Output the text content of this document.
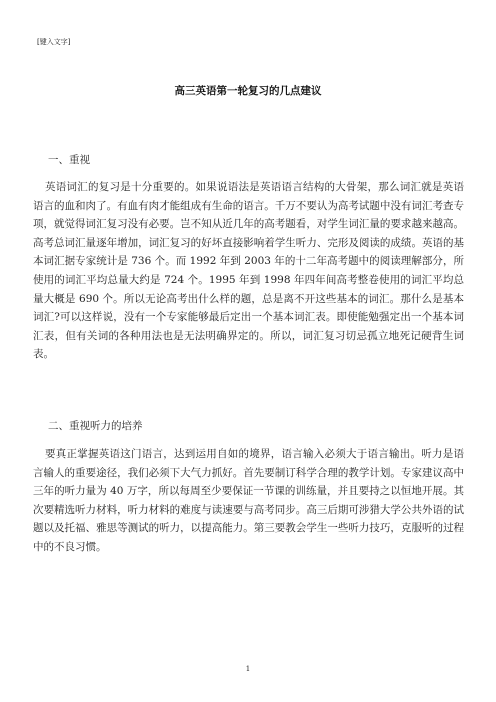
[键入文字]
高三英语第一轮复习的几点建议
一、重视

英语词汇的复习是十分重要的。如果说语法是英语语言结构的大骨架，那么词汇就是英语语言的血和肉了。有血有肉才能组成有生命的语言。千万不要认为高考试题中没有词汇考查专项，就觉得词汇复习没有必要。岂不知从近几年的高考题看，对学生词汇量的要求越来越高。高考总词汇量逐年增加，词汇复习的好坏直接影响着学生听力、完形及阅读的成绩。英语的基本词汇据专家统计是 736 个。而 1992 年到 2003 年的十二年高考题中的阅读理解部分，所使用的词汇平均总量大约是 724 个。1995 年到 1998 年四年间高考整卷使用的词汇平均总量大概是 690 个。所以无论高考出什么样的题，总是离不开这些基本的词汇。那什么是基本词汇?可以这样说，没有一个专家能够最后定出一个基本词汇表。即使能勉强定出一个基本词汇表，但有关词的各种用法也是无法明确界定的。所以，词汇复习切忌孤立地死记硬背生词表。

二、重视听力的培养

要真正掌握英语这门语言，达到运用自如的境界，语言输入必须大于语言输出。听力是语言输人的重要途径，我们必须下大气力抓好。首先要制订科学合理的教学计划。专家建议高中三年的听力量为 40 万字，所以每周至少要保证一节课的训练量，并且要持之以恒地开展。其次要精选听力材料，听力材料的难度与读速要与高考同步。高三后期可涉猎大学公共外语的试题以及托福、雅思等测试的听力，以提高能力。第三要教会学生一些听力技巧，克服听的过程中的不良习惯。

1
